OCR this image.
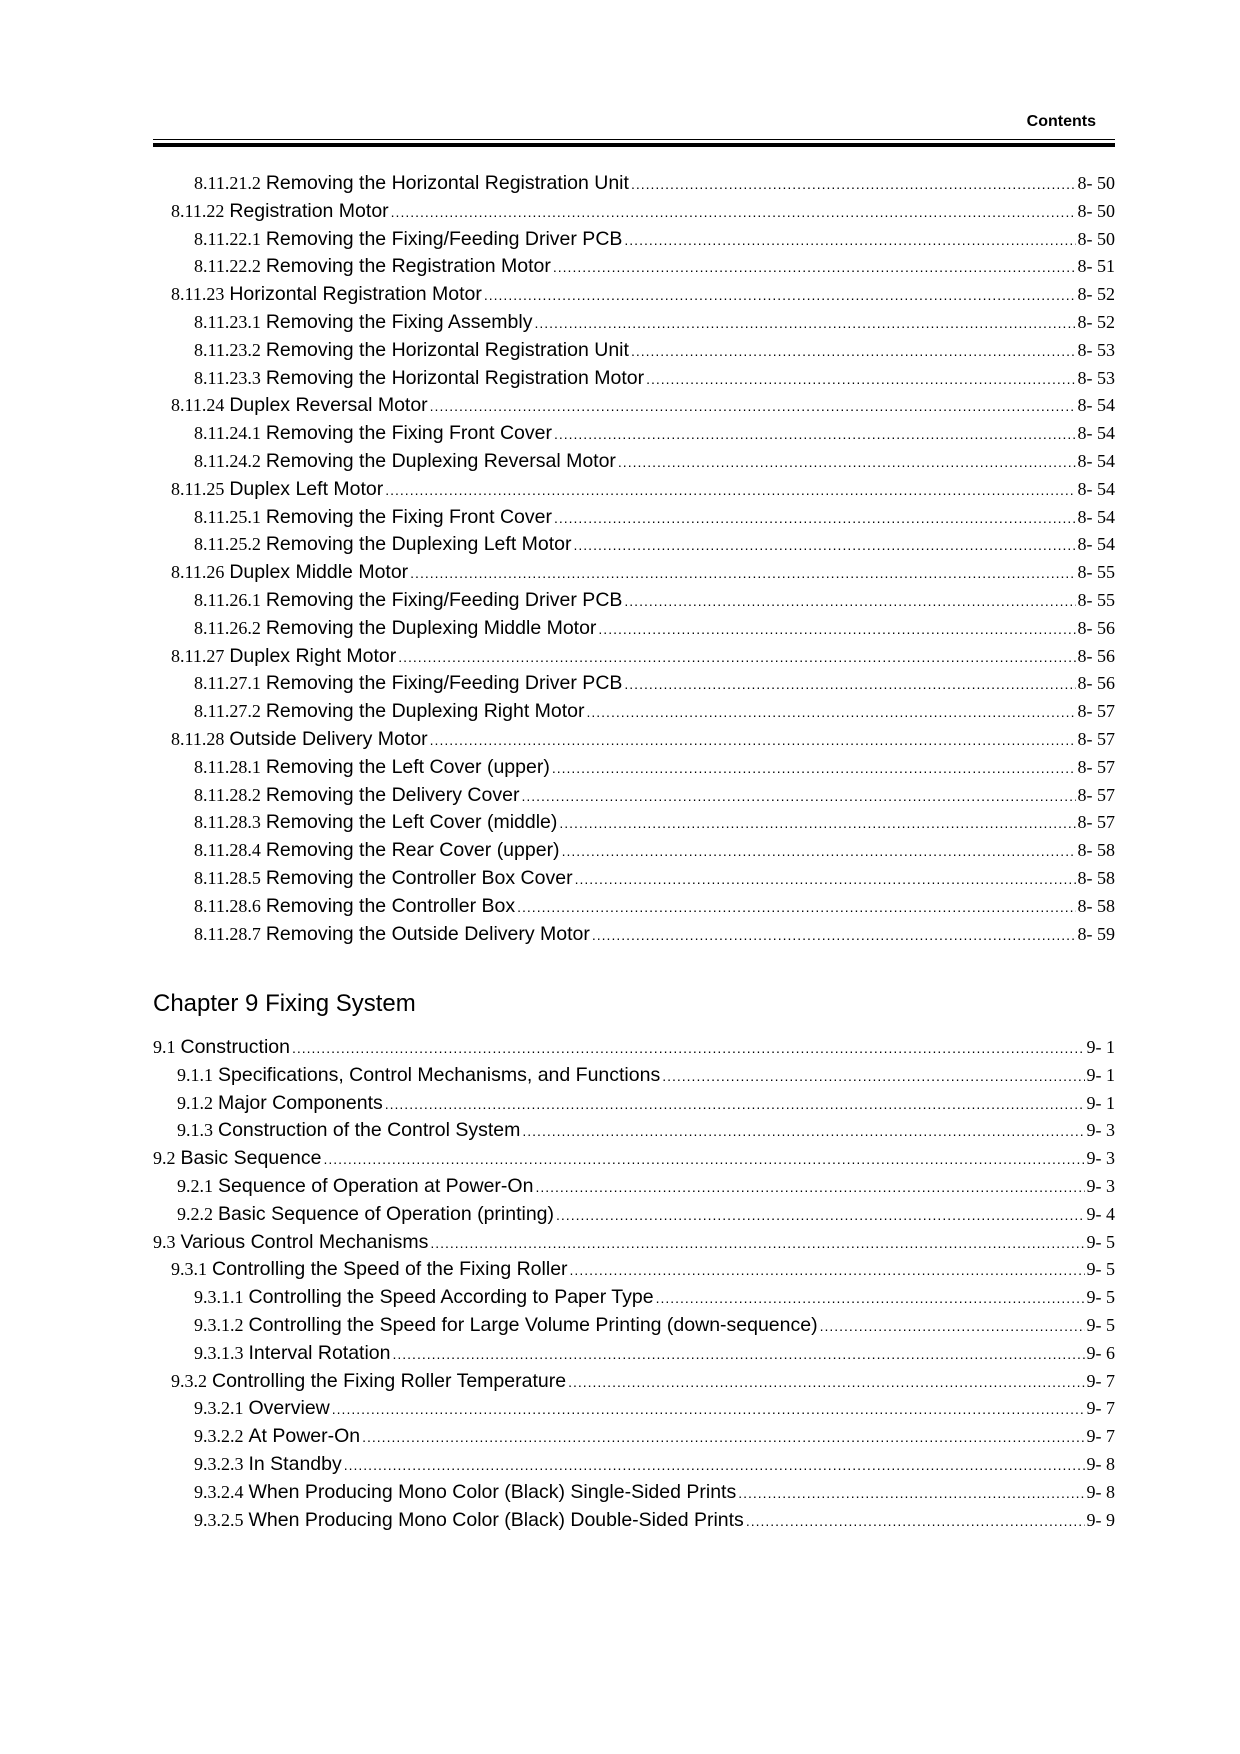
Contents
8.11.21.2 Removing the Horizontal Registration Unit .....	8- 50
8.11.22 Registration Motor .....	8- 50
8.11.22.1 Removing the Fixing/Feeding Driver PCB .....	8- 50
8.11.22.2 Removing the Registration Motor .....	8- 51
8.11.23 Horizontal Registration Motor .....	8- 52
8.11.23.1 Removing the Fixing Assembly .....	8- 52
8.11.23.2 Removing the Horizontal Registration Unit .....	8- 53
8.11.23.3 Removing the Horizontal Registration Motor .....	8- 53
8.11.24 Duplex Reversal Motor .....	8- 54
8.11.24.1 Removing the Fixing Front Cover .....	8- 54
8.11.24.2 Removing the Duplexing Reversal Motor .....	8- 54
8.11.25 Duplex Left Motor .....	8- 54
8.11.25.1 Removing the Fixing Front Cover .....	8- 54
8.11.25.2 Removing the Duplexing Left Motor .....	8- 54
8.11.26 Duplex Middle Motor .....	8- 55
8.11.26.1 Removing the Fixing/Feeding Driver PCB .....	8- 55
8.11.26.2 Removing the Duplexing Middle Motor .....	8- 56
8.11.27 Duplex Right Motor .....	8- 56
8.11.27.1 Removing the Fixing/Feeding Driver PCB .....	8- 56
8.11.27.2 Removing the Duplexing Right Motor .....	8- 57
8.11.28 Outside Delivery Motor .....	8- 57
8.11.28.1 Removing the Left Cover (upper) .....	8- 57
8.11.28.2 Removing the Delivery Cover .....	8- 57
8.11.28.3 Removing the Left Cover (middle) .....	8- 57
8.11.28.4 Removing the Rear Cover (upper) .....	8- 58
8.11.28.5 Removing the Controller Box Cover .....	8- 58
8.11.28.6 Removing the Controller Box .....	8- 58
8.11.28.7 Removing the Outside Delivery Motor .....	8- 59
Chapter 9 Fixing System
9.1 Construction .....	9- 1
9.1.1 Specifications, Control Mechanisms, and Functions .....	9- 1
9.1.2 Major Components .....	9- 1
9.1.3 Construction of the Control System .....	9- 3
9.2 Basic Sequence .....	9- 3
9.2.1 Sequence of Operation at Power-On .....	9- 3
9.2.2 Basic Sequence of Operation (printing) .....	9- 4
9.3 Various Control Mechanisms .....	9- 5
9.3.1 Controlling the Speed of the Fixing Roller .....	9- 5
9.3.1.1 Controlling the Speed According to Paper Type .....	9- 5
9.3.1.2 Controlling the Speed for Large Volume Printing (down-sequence) .....	9- 5
9.3.1.3 Interval Rotation .....	9- 6
9.3.2 Controlling the Fixing Roller Temperature .....	9- 7
9.3.2.1 Overview .....	9- 7
9.3.2.2 At Power-On .....	9- 7
9.3.2.3 In Standby .....	9- 8
9.3.2.4 When Producing Mono Color (Black) Single-Sided Prints .....	9- 8
9.3.2.5 When Producing Mono Color (Black) Double-Sided Prints .....	9- 9
